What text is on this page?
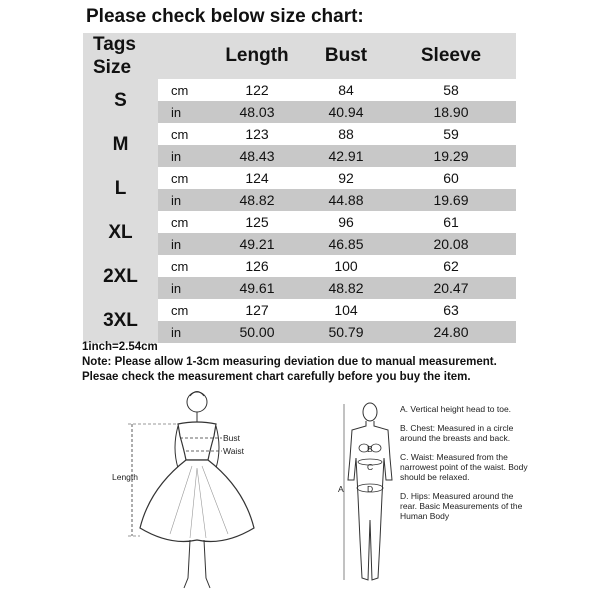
Please check below size chart:
Tags
Size		Length	Bust	Sleeve
S	cm	122	84	58
	in	48.03	40.94	18.90
M	cm	123	88	59
	in	48.43	42.91	19.29
L	cm	124	92	60
	in	48.82	44.88	19.69
XL	cm	125	96	61
	in	49.21	46.85	20.08
2XL	cm	126	100	62
	in	49.61	48.82	20.47
3XL	cm	127	104	63
	in	50.00	50.79	24.80
1inch=2.54cm
Note: Please allow 1-3cm measuring deviation due to manual measurement.
Plesae check the measurement chart carefully before you buy the item.
Bust
Waist
Length
A
B
C
D
A. Vertical height head to toe.
B. Chest: Measured in a circle around the breasts and back.
C. Waist: Measured from the narrowest point of the waist. Body should be relaxed.
D. Hips: Measured around the rear. Basic Measurements of the Human Body
